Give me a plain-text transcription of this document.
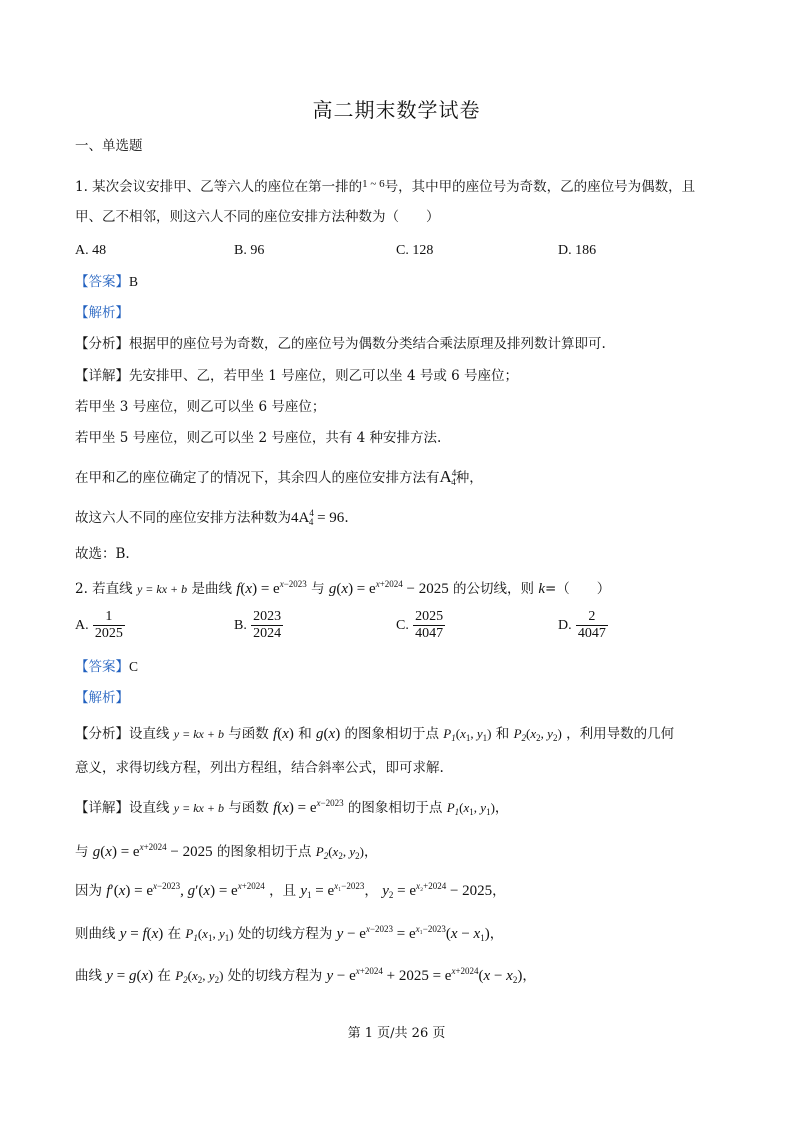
高二期末数学试卷
一、单选题
1. 某次会议安排甲、乙等六人的座位在第一排的$^{1 \sim 6}$号，其中甲的座位号为奇数，乙的座位号为偶数，且
甲、乙不相邻，则这六人不同的座位安排方法种数为（　　）
A. 48	B. 96	C. 128	D. 186
【答案】B
【解析】
【分析】根据甲的座位号为奇数，乙的座位号为偶数分类结合乘法原理及排列数计算即可.
【详解】先安排甲、乙，若甲坐 1 号座位，则乙可以坐 4 号或 6 号座位；
若甲坐 3 号座位，则乙可以坐 6 号座位；
若甲坐 5 号座位，则乙可以坐 2 号座位，共有 4 种安排方法.
在甲和乙的座位确定了的情况下，其余四人的座位安排方法有$A^4_4$种，
故这六人不同的座位安排方法种数为$4A^4_4 = 96$.
故选：B.
2. 若直线 y = kx + b 是曲线 $f(x) = e^{x-2023}$ 与 $g(x) = e^{x+2024} - 2025$ 的公切线，则 k=（　　）
A. $\frac{1}{2025}$	B. $\frac{2023}{2024}$	C. $\frac{2025}{4047}$	D. $\frac{2}{4047}$
【答案】C
【解析】
【分析】设直线 y = kx + b 与函数 f(x) 和 g(x) 的图象相切于点 $P_1(x_1$, $y_1$) 和 $P_2(x_2$, $y_2$) ，利用导数的几何
意义，求得切线方程，列出方程组，结合斜率公式，即可求解.
【详解】设直线 y = kx + b 与函数 $f(x) = e^{x-2023}$ 的图象相切于点 $P_1(x_1$, $y_1$)，
与 $g(x) = e^{x+2024} - 2025$ 的图象相切于点 $P_2(x_2$, $y_2$)，
因为 $f'(x) = e^{x-2023}$, $g'(x) = e^{x+2024}$ ，且 $y_1 = e^{x_1-2023}$， $y_2 = e^{x_2+2024} - 2025$，
则曲线 y = f(x) 在 $P_1(x_1$, $y_1$) 处的切线方程为 $y - e^{x-2023} = e^{x_1-2023}(x - x_1)$，
曲线 y = g(x) 在 $P_2(x_2$, $y_2$) 处的切线方程为 $y - e^{x+2024} + 2025 = e^{x+2024}(x - x_2)$，
第 1 页/共 26 页
